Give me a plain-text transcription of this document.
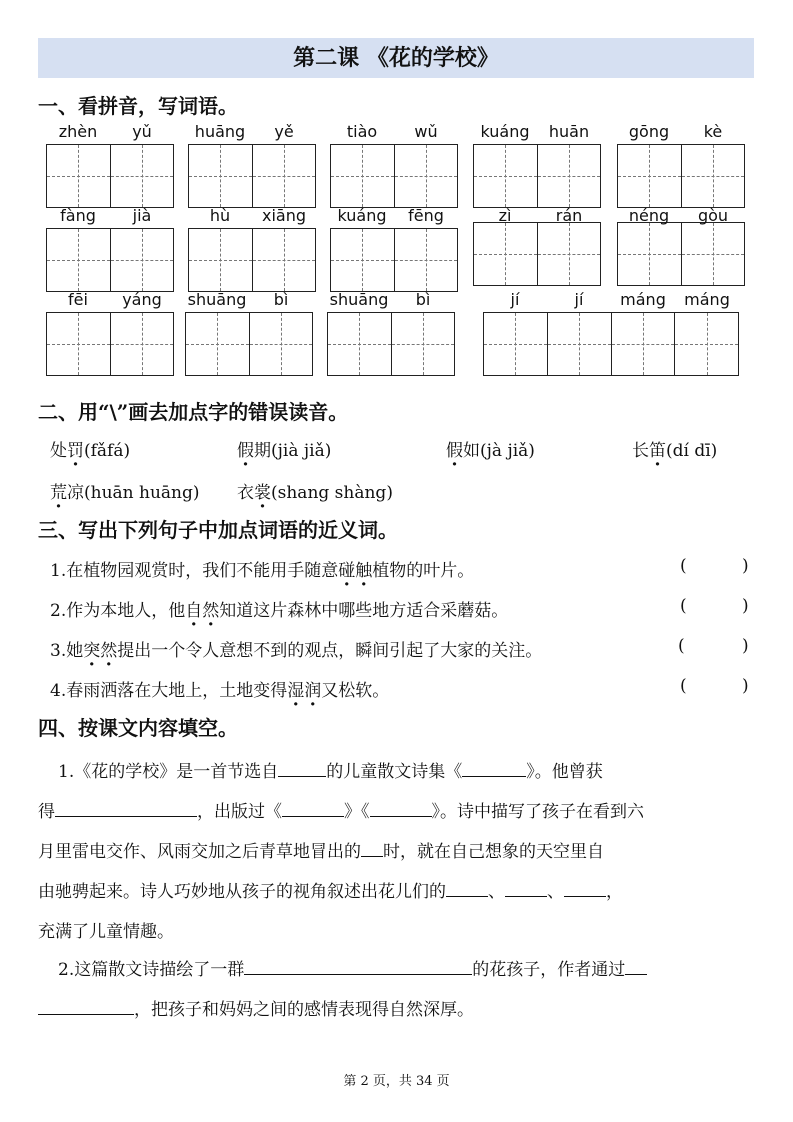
第二课 《花的学校》
一、看拼音，写词语。
zhèn	yǔ	huāng	yě	tiào	wǔ	kuáng	huān	gōng	kè
fàng	jià	hù	xiāng	kuáng	fēng	zì	rán	néng	gòu
fēi	yáng	shuāng	bì	shuāng	bì	jí	jí	máng	máng
二、用“\”画去加点字的错误读音。
处罚(fǎfá)	假期(jià jiǎ)	假如(jà jiǎ)	长笛(dí dī)
荒凉(huān huāng) 衣裳(shang shàng)
三、写出下列句子中加点词语的近义词。
1.在植物园观赏时，我们不能用手随意碰触植物的叶片。	(	)
2.作为本地人，他自然知道这片森林中哪些地方适合采蘑菇。	(	)
3.她突然提出一个令人意想不到的观点，瞬间引起了大家的关注。	(	)
4.春雨洒落在大地上，土地变得湿润又松软。	(	)
四、按课文内容填空。
1.《花的学校》是一首节选自	的儿童散文诗集《	》。他曾获
得	，出版过《	》《	》。诗中描写了孩子在看到六
月里雷电交作、风雨交加之后青草地冒出的 时，就在自己想象的天空里自
由驰骋起来。诗人巧妙地从孩子的视角叙述出花儿们的 、 、 ，
充满了儿童情趣。
2.这篇散文诗描绘了一群	的花孩子，作者通过
，把孩子和妈妈之间的感情表现得自然深厚。
第 2 页，共 34 页
